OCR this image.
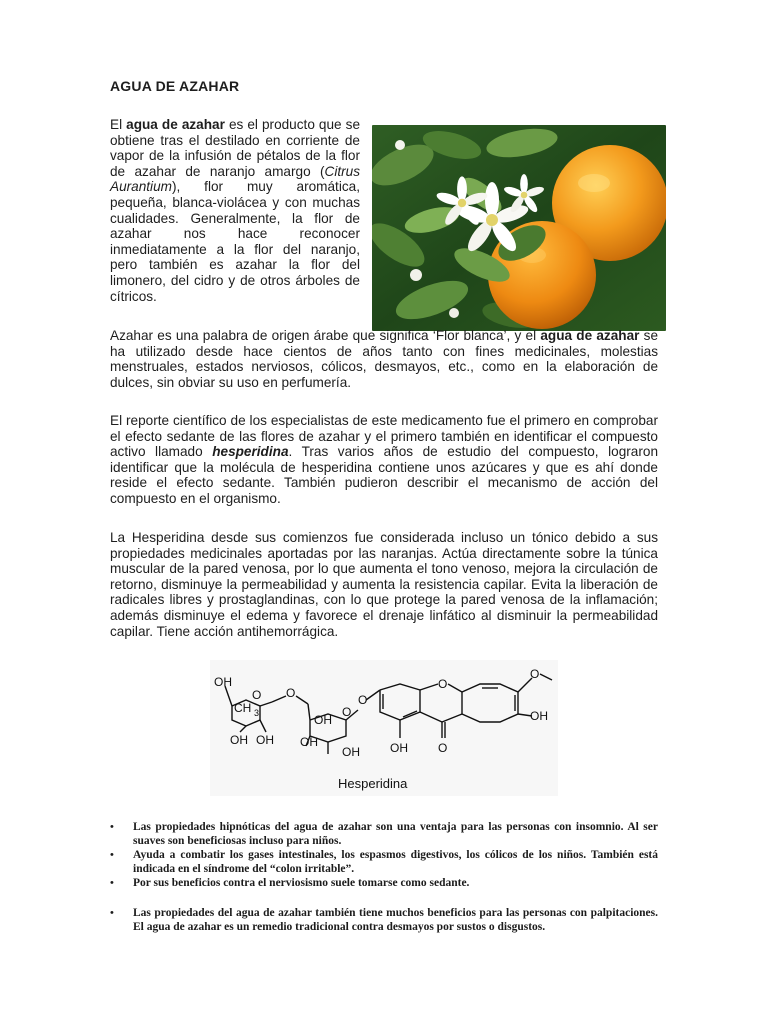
AGUA DE AZAHAR
El agua de azahar es el producto que se obtiene tras el destilado en corriente de vapor de la infusión de pétalos de la flor de azahar de naranjo amargo (Citrus Aurantium), flor muy aromática, pequeña, blanca-violácea y con muchas cualidades. Generalmente, la flor de azahar nos hace reconocer inmediatamente a la flor del naranjo, pero también es azahar la flor del limonero, del cidro y de otros árboles de cítricos.
Azahar es una palabra de origen árabe que significa ‘Flor blanca’, y el agua de azahar se ha utilizado desde hace cientos de años tanto con fines medicinales, molestias menstruales, estados nerviosos, cólicos, desmayos, etc., como en la elaboración de dulces, sin obviar su uso en perfumería.
El reporte científico de los especialistas de este medicamento fue el primero en comprobar el efecto sedante de las flores de azahar y el primero también en identificar el compuesto activo llamado hesperidina. Tras varios años de estudio del compuesto, lograron identificar que la molécula de hesperidina contiene unos azúcares y que es ahí donde reside el efecto sedante. También pudieron describir el mecanismo de acción del compuesto en el organismo.
La Hesperidina desde sus comienzos fue considerada incluso un tónico debido a sus propiedades medicinales aportadas por las naranjas. Actúa directamente sobre la túnica muscular de la pared venosa, por lo que aumenta el tono venoso, mejora la circulación de retorno, disminuye la permeabilidad y aumenta la resistencia capilar. Evita la liberación de radicales libres y prostaglandinas, con lo que protege la pared venosa de la inflamación; además disminuye el edema y favorece el drenaje linfático al disminuir la permeabilidad capilar. Tiene acción antihemorrágica.
OH
CH 3
OH OH
O O
O
OH
OH
OH
O
O
OH	O
O
OH
Hesperidina
• Las propiedades hipnóticas del agua de azahar son una ventaja para las personas con insomnio. Al ser suaves son beneficiosas incluso para niños.
• Ayuda a combatir los gases intestinales, los espasmos digestivos, los cólicos de los niños. También está indicada en el síndrome del “colon irritable”.
• Por sus beneficios contra el nerviosismo suele tomarse como sedante.
• Las propiedades del agua de azahar también tiene muchos beneficios para las personas con palpitaciones. El agua de azahar es un remedio tradicional contra desmayos por sustos o disgustos.
